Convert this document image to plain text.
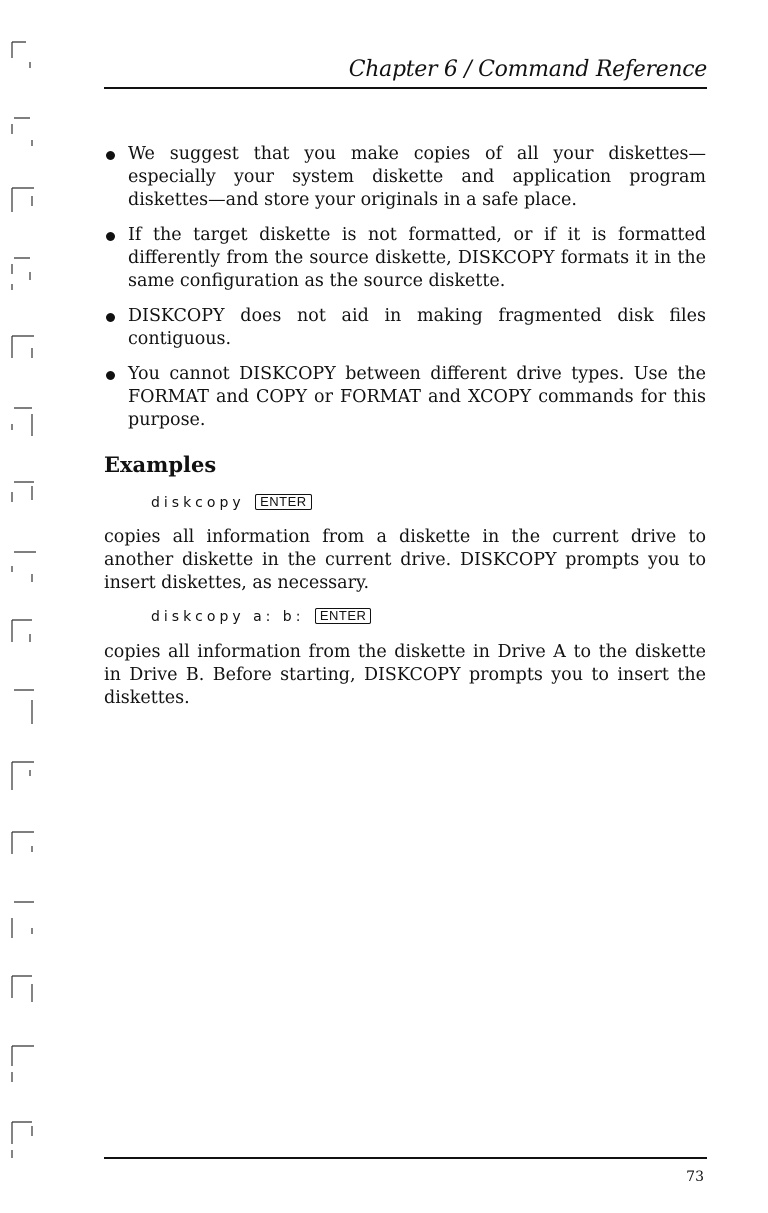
Chapter 6 / Command Reference
We suggest that you make copies of all your diskettes—especially your system diskette and application program diskettes—and store your originals in a safe place.
If the target diskette is not formatted, or if it is formatted differently from the source diskette, DISKCOPY formats it in the same configuration as the source diskette.
DISKCOPY does not aid in making fragmented disk files contiguous.
You cannot DISKCOPY between different drive types. Use the FORMAT and COPY or FORMAT and XCOPY commands for this purpose.
Examples
diskcopy ENTER

copies all information from a diskette in the current drive to another diskette in the current drive. DISKCOPY prompts you to insert diskettes, as necessary.

diskcopy a: b: ENTER

copies all information from the diskette in Drive A to the diskette in Drive B. Before starting, DISKCOPY prompts you to insert the diskettes.

73
